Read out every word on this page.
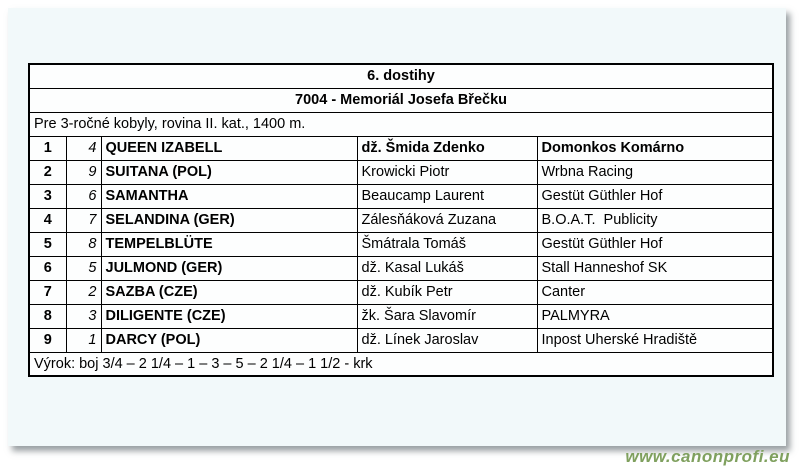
6. dostihy				
7004 - Memoriál Josefa Břečku				
Pre 3-ročné kobyly, rovina II. kat., 1400 m.				
1	4	QUEEN IZABELL	dž. Šmida Zdenko	Domonkos Komárno
2	9	SUITANA (POL)	Krowicki Piotr	Wrbna Racing
3	6	SAMANTHA	Beaucamp Laurent	Gestüt Güthler Hof
4	7	SELANDINA (GER)	Zálesňáková Zuzana	B.O.A.T.  Publicity
5	8	TEMPELBLÜTE	Šmátrala Tomáš	Gestüt Güthler Hof
6	5	JULMOND (GER)	dž. Kasal Lukáš	Stall Hanneshof SK
7	2	SAZBA (CZE)	dž. Kubík Petr	Canter
8	3	DILIGENTE (CZE)	žk. Šara Slavomír	PALMYRA
9	1	DARCY (POL)	dž. Línek Jaroslav	Inpost Uherské Hradiště
Výrok: boj 3/4 – 2 1/4 – 1 – 3 – 5 – 2 1/4 – 1 1/2 - krk				
www.canonprofi.eu
